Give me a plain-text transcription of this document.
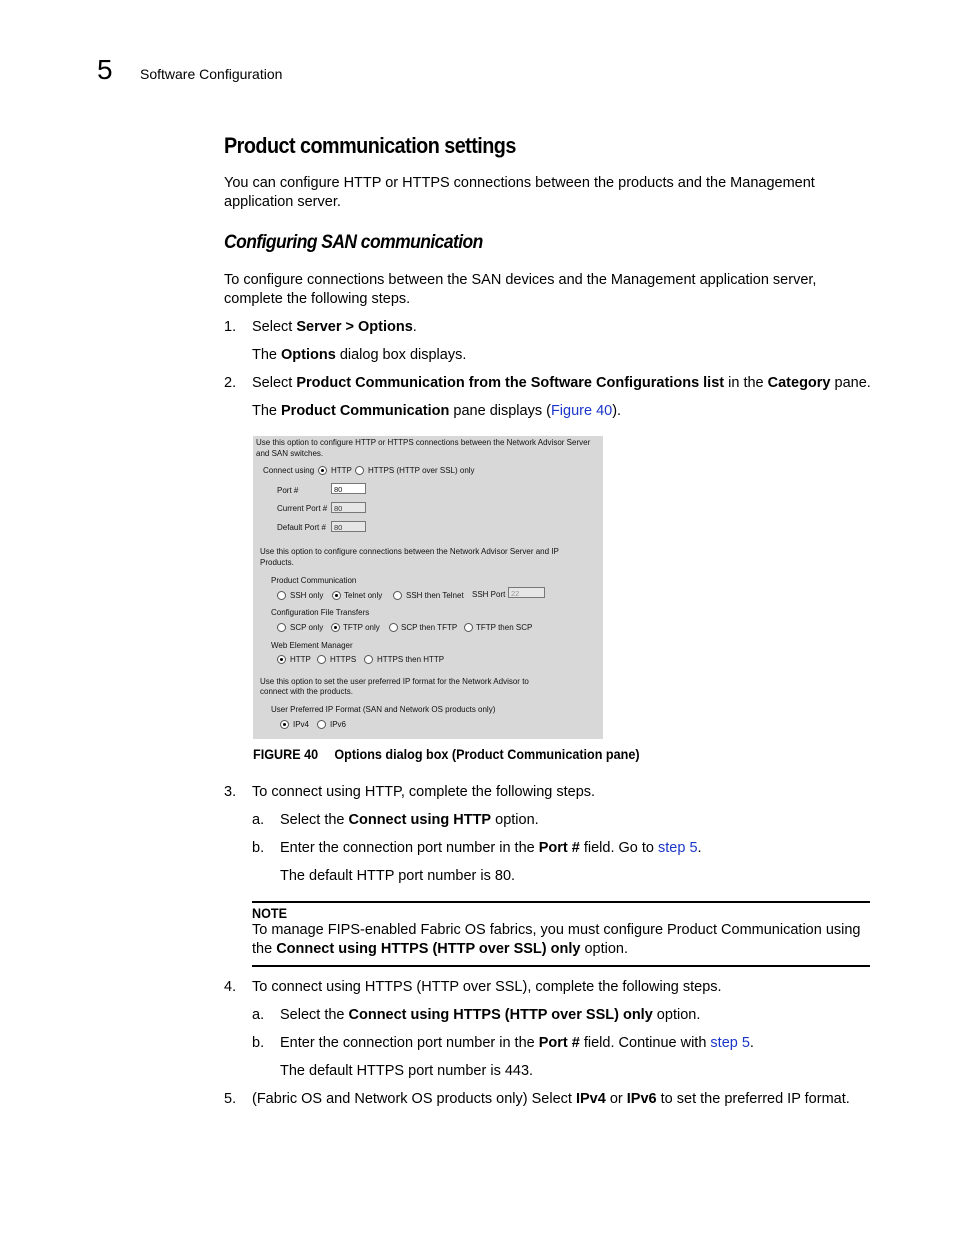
5 Software Configuration
Product communication settings
You can configure HTTP or HTTPS connections between the products and the Management application server.
Configuring SAN communication
To configure connections between the SAN devices and the Management application server, complete the following steps.
1. Select Server > Options.
The Options dialog box displays.
2. Select Product Communication from the Software Configurations list in the Category pane.
The Product Communication pane displays (Figure 40).
Use this option to configure HTTP or HTTPS connections between the Network Advisor Server
and SAN switches.
Connect using HTTP HTTPS (HTTP over SSL) only
Port #	80
Current Port # 80
Default Port #	80
Use this option to configure connections between the Network Advisor Server and IP
Products.
Product Communication
SSH only	Telnet only	SSH then Telnet SSH Port 22
Configuration File Transfers
SCP only TFTP only	SCP then TFTP TFTP then SCP
Web Element Manager
HTTP HTTPS	HTTPS then HTTP
Use this option to set the user preferred IP format for the Network Advisor to
connect with the products.
User Preferred IP Format (SAN and Network OS products only)
IPv4	IPv6
FIGURE 40 Options dialog box (Product Communication pane)
3. To connect using HTTP, complete the following steps.
a. Select the Connect using HTTP option.
b. Enter the connection port number in the Port # field. Go to step 5.
The default HTTP port number is 80.
NOTE
To manage FIPS-enabled Fabric OS fabrics, you must configure Product Communication using
the Connect using HTTPS (HTTP over SSL) only option.
4. To connect using HTTPS (HTTP over SSL), complete the following steps.
a. Select the Connect using HTTPS (HTTP over SSL) only option.
b. Enter the connection port number in the Port # field. Continue with step 5.
The default HTTPS port number is 443.
5. (Fabric OS and Network OS products only) Select IPv4 or IPv6 to set the preferred IP format.
